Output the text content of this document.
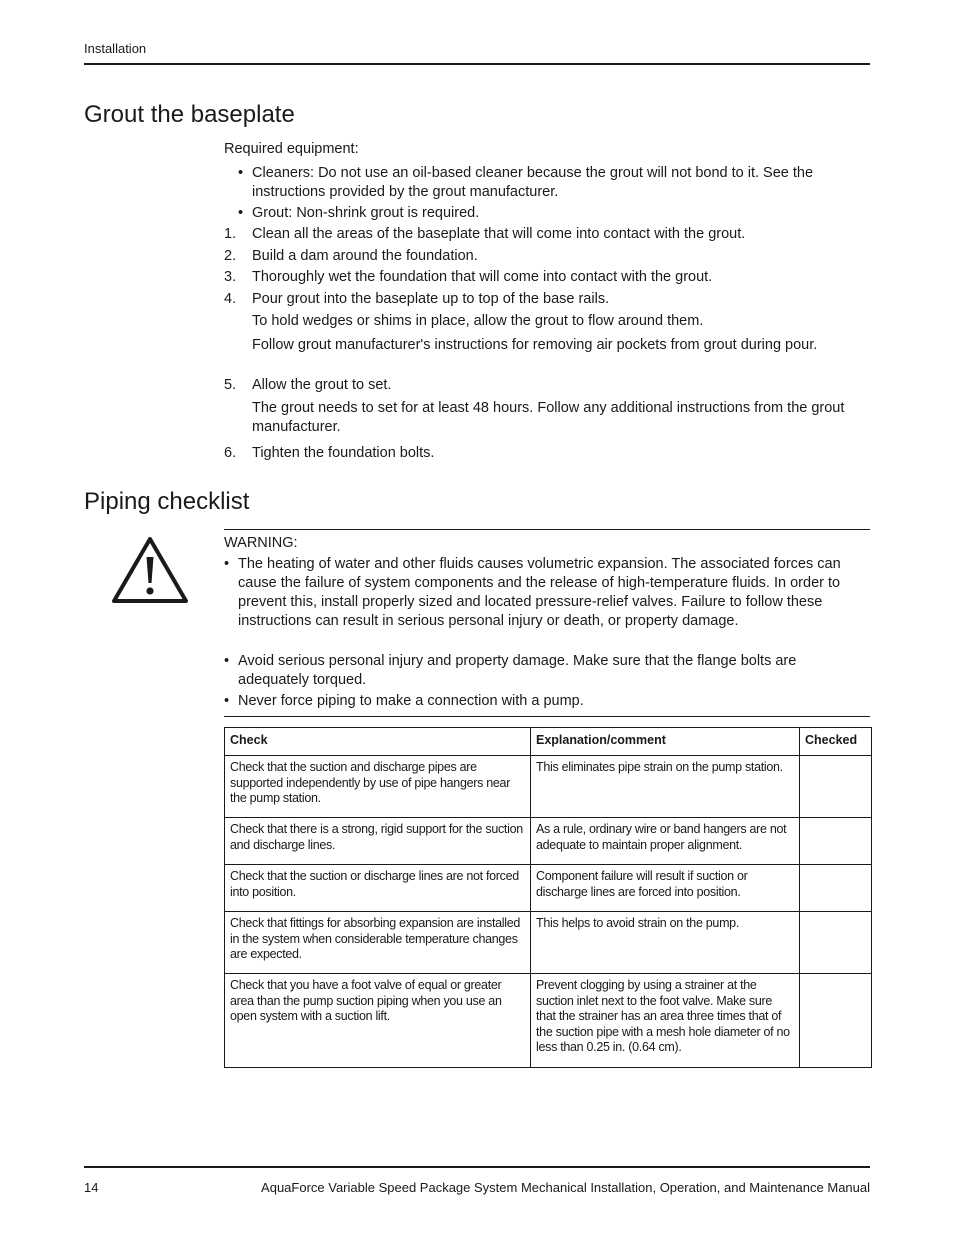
Installation
Grout the baseplate
Required equipment:
• Cleaners: Do not use an oil-based cleaner because the grout will not bond to it. See the instructions provided by the grout manufacturer.
• Grout: Non-shrink grout is required.
1. Clean all the areas of the baseplate that will come into contact with the grout.
2. Build a dam around the foundation.
3. Thoroughly wet the foundation that will come into contact with the grout.
4. Pour grout into the baseplate up to top of the base rails.
To hold wedges or shims in place, allow the grout to flow around them.
Follow grout manufacturer's instructions for removing air pockets from grout during pour.
5. Allow the grout to set.
The grout needs to set for at least 48 hours. Follow any additional instructions from the grout manufacturer.
6. Tighten the foundation bolts.
Piping checklist
WARNING:
• The heating of water and other fluids causes volumetric expansion. The associated forces can cause the failure of system components and the release of high-temperature fluids. In order to prevent this, install properly sized and located pressure-relief valves. Failure to follow these instructions can result in serious personal injury or death, or property damage.
• Avoid serious personal injury and property damage. Make sure that the flange bolts are adequately torqued.
• Never force piping to make a connection with a pump.
Check	Explanation/comment	Checked
Check that the suction and discharge pipes are supported independently by use of pipe hangers near the pump station.	This eliminates pipe strain on the pump station.	
Check that there is a strong, rigid support for the suction and discharge lines.	As a rule, ordinary wire or band hangers are not adequate to maintain proper alignment.	
Check that the suction or discharge lines are not forced into position.	Component failure will result if suction or discharge lines are forced into position.	
Check that fittings for absorbing expansion are installed in the system when considerable temperature changes are expected.	This helps to avoid strain on the pump.	
Check that you have a foot valve of equal or greater area than the pump suction piping when you use an open system with a suction lift.	Prevent clogging by using a strainer at the suction inlet next to the foot valve. Make sure that the strainer has an area three times that of the suction pipe with a mesh hole diameter of no less than 0.25 in. (0.64 cm).	
14	AquaForce Variable Speed Package System Mechanical Installation, Operation, and Maintenance Manual
